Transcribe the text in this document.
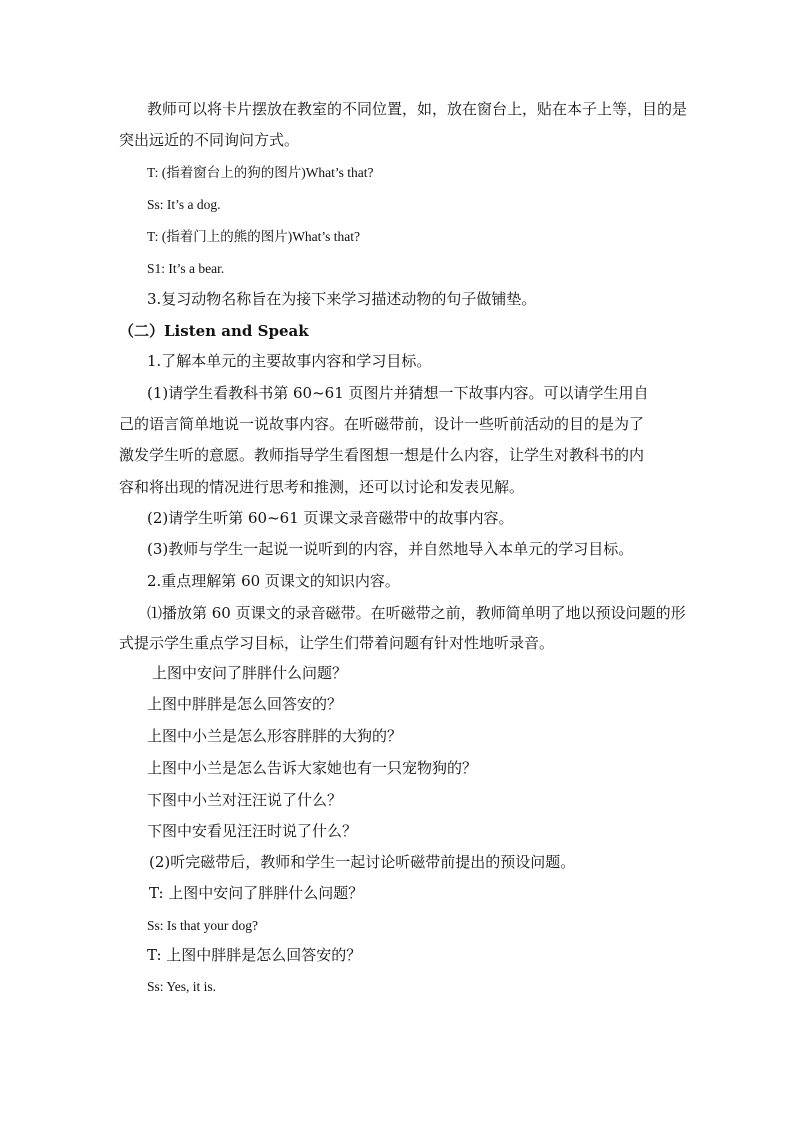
教师可以将卡片摆放在教室的不同位置，如，放在窗台上，贴在本子上等，目的是
突出远近的不同询问方式。
T: (指着窗台上的狗的图片)What’s that?
Ss: It’s a dog.
T: (指着门上的熊的图片)What’s that?
S1: It’s a bear.
3.复习动物名称旨在为接下来学习描述动物的句子做铺垫。
（二）Listen and Speak
1.了解本单元的主要故事内容和学习目标。
(1)请学生看教科书第 60~61 页图片并猜想一下故事内容。可以请学生用自
己的语言简单地说一说故事内容。在听磁带前，设计一些听前活动的目的是为了
激发学生听的意愿。教师指导学生看图想一想是什么内容，让学生对教科书的内
容和将出现的情况进行思考和推测，还可以讨论和发表见解。
(2)请学生听第 60~61 页课文录音磁带中的故事内容。
(3)教师与学生一起说一说听到的内容，并自然地导入本单元的学习目标。
2.重点理解第 60 页课文的知识内容。
⑴播放第 60 页课文的录音磁带。在听磁带之前，教师简单明了地以预设问题的形
式提示学生重点学习目标，让学生们带着问题有针对性地听录音。
上图中安问了胖胖什么问题？
上图中胖胖是怎么回答安的？
上图中小兰是怎么形容胖胖的大狗的？
上图中小兰是怎么告诉大家她也有一只宠物狗的？
下图中小兰对汪汪说了什么？
下图中安看见汪汪时说了什么？
(2)听完磁带后，教师和学生一起讨论听磁带前提出的预设问题。
T: 上图中安问了胖胖什么问题？
Ss: Is that your dog?
T: 上图中胖胖是怎么回答安的？
Ss: Yes, it is.
